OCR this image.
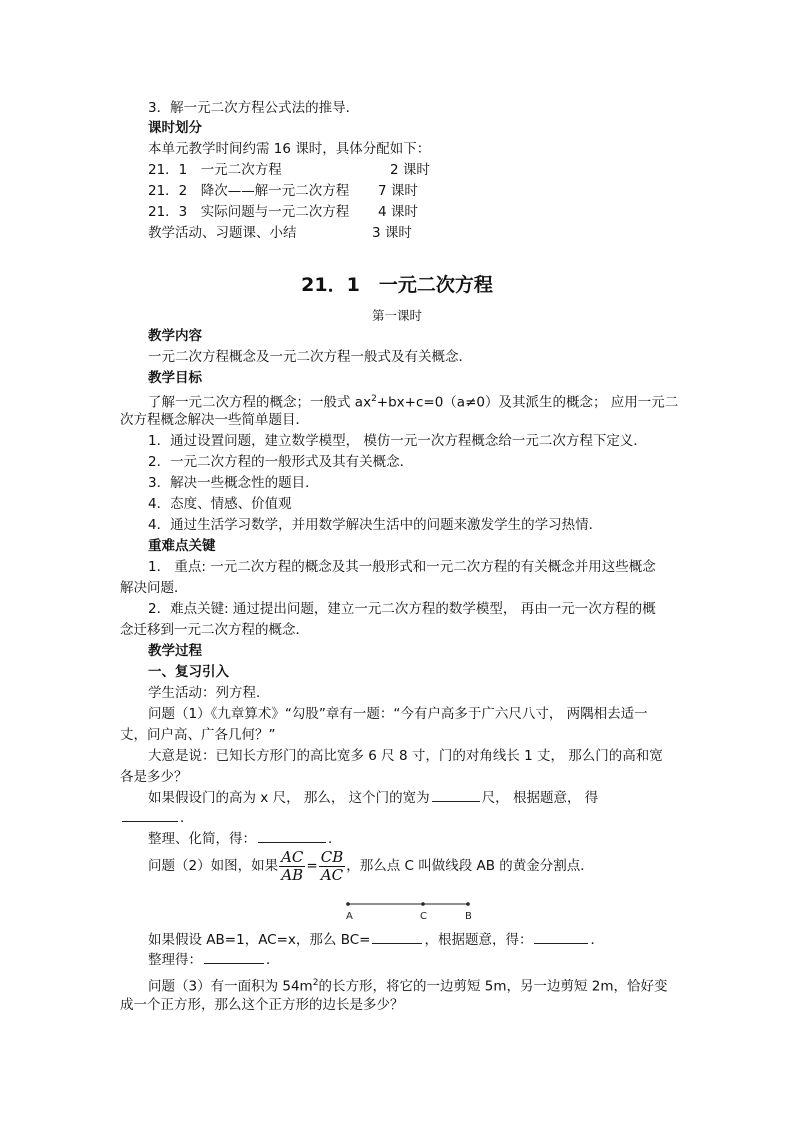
3．解一元二次方程公式法的推导．
课时划分
本单元教学时间约需 16 课时，具体分配如下：
21．1　一元二次方程	2 课时
21．2　降次——解一元二次方程 7 课时
21．3　实际问题与一元二次方程 4 课时
教学活动、习题课、小结	3 课时
21．1　一元二次方程
第一课时
教学内容
一元二次方程概念及一元二次方程一般式及有关概念．
教学目标
了解一元二次方程的概念；一般式 $ax^2+bx+c=0(a\ne 0)$及其派生的概念； 应用一元二
次方程概念解决一些简单题目．
1．通过设置问题，建立数学模型， 模仿一元一次方程概念给一元二次方程下定义．
2．一元二次方程的一般形式及其有关概念．
3．解决一些概念性的题目．
4．态度、情感、价值观
4．通过生活学习数学，并用数学解决生活中的问题来激发学生的学习热情．
重难点关键
1． 重点: 一元二次方程的概念及其一般形式和一元二次方程的有关概念并用这些概念
解决问题．
2．难点关键: 通过提出问题，建立一元二次方程的数学模型， 再由一元一次方程的概
念迁移到一元二次方程的概念．
教学过程
一、复习引入
学生活动：列方程．
问题（1）《九章算术》“勾股”章有一题：“今有户高多于广六尺八寸， 两隅相去适一
丈，问户高、广各几何？”
大意是说：已知长方形门的高比宽多 6 尺 8 寸，门的对角线长 1 丈， 那么门的高和宽
各是多少？
如果假设门的高为 x 尺， 那么， 这个门的宽为	尺， 根据题意， 得
．
整理、化简，得：	．
问题（2）如图，如果 $\frac{AC}{AB} = \frac{CB}{AC}$ ，那么点 C 叫做线段 AB 的黄金分割点．
A	C	B
如果假设 AB=1，AC=x，那么 BC=	，根据题意，得：	．
整理得：	．
问题（3）有一面积为 $54m^2$的长方形，将它的一边剪短 5m，另一边剪短 2m，恰好变
成一个正方形，那么这个正方形的边长是多少？
